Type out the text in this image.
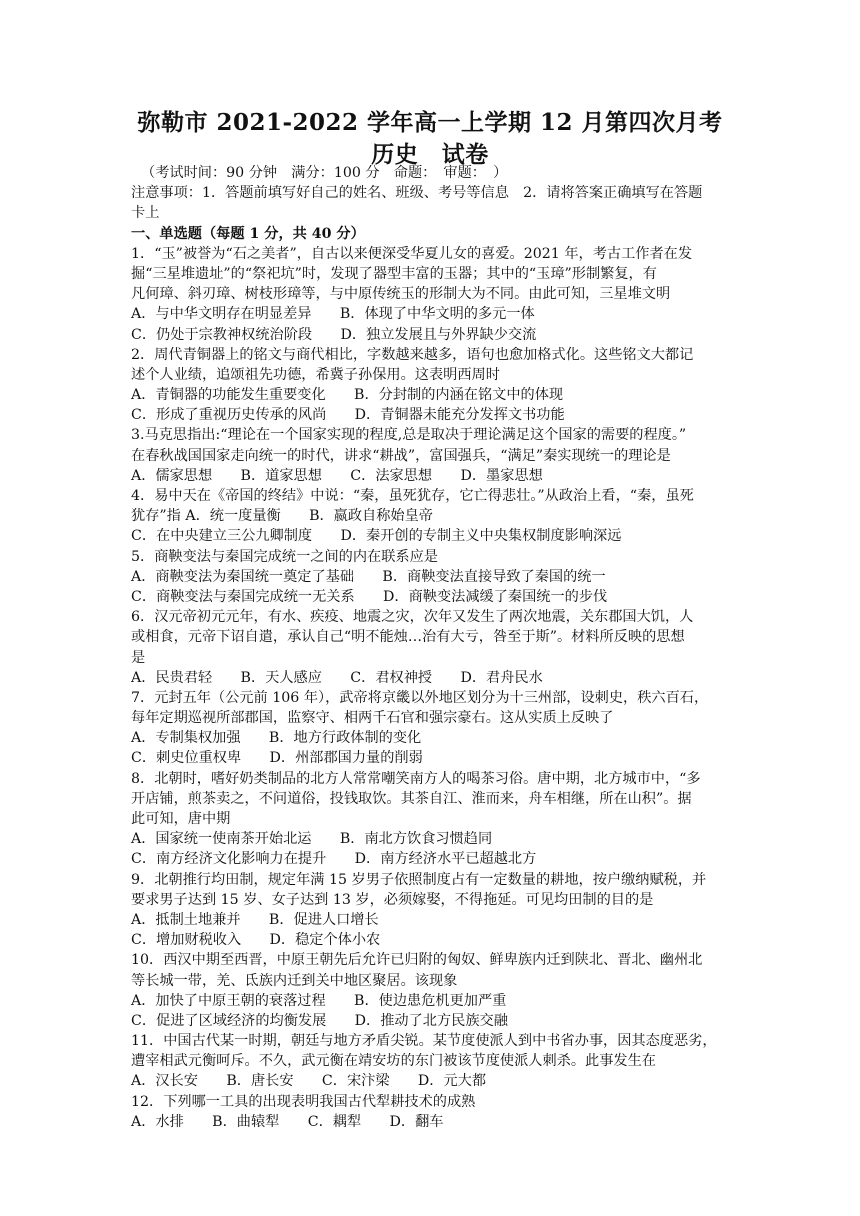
弥勒市 2021-2022 学年高一上学期 12 月第四次月考
历史　试卷
（考试时间：90 分钟　满分：100 分　命题：　审题：　）
注意事项：1．答题前填写好自己的姓名、班级、考号等信息　2．请将答案正确填写在答题
卡上
一、单选题（每题 1 分，共 40 分）
1．“玉”被誉为“石之美者”，自古以来便深受华夏儿女的喜爱。2021 年，考古工作者在发
掘“三星堆遗址”的“祭祀坑”时，发现了器型丰富的玉器；其中的“玉璋”形制繁复，有
凡何璋、斜刃璋、树枝形璋等，与中原传统玉的形制大为不同。由此可知，三星堆文明
A．与中华文明存在明显差异　　B．体现了中华文明的多元一体
C．仍处于宗教神权统治阶段　　D．独立发展且与外界缺少交流
2．周代青铜器上的铭文与商代相比，字数越来越多，语句也愈加格式化。这些铭文大都记
述个人业绩，追颂祖先功德，希冀子孙保用。这表明西周时
A．青铜器的功能发生重要变化　　B．分封制的内涵在铭文中的体现
C．形成了重视历史传承的风尚　　D．青铜器未能充分发挥文书功能
3.马克思指出:“理论在一个国家实现的程度,总是取决于理论满足这个国家的需要的程度。”
在春秋战国国家走向统一的时代，讲求“耕战”，富国强兵，“满足”秦实现统一的理论是
A．儒家思想　　B．道家思想　　C．法家思想　　D．墨家思想
4．易中天在《帝国的终结》中说：“秦，虽死犹存，它亡得悲壮。”从政治上看，“秦，虽死
犹存”指 A．统一度量衡　　B．嬴政自称始皇帝
C．在中央建立三公九卿制度　　D．秦开创的专制主义中央集权制度影响深远
5．商鞅变法与秦国完成统一之间的内在联系应是
A．商鞅变法为秦国统一奠定了基础　　B．商鞅变法直接导致了秦国的统一
C．商鞅变法与秦国完成统一无关系　　D．商鞅变法减缓了秦国统一的步伐
6．汉元帝初元元年，有水、疾疫、地震之灾，次年又发生了两次地震，关东郡国大饥，人
或相食，元帝下诏自遣，承认自己“明不能烛…治有大亏，咎至于斯”。材料所反映的思想
是
A．民贵君轻　　B．天人感应　　C．君权神授　　D．君舟民水
7．元封五年（公元前 106 年），武帝将京畿以外地区划分为十三州部，设刺史，秩六百石，
每年定期巡视所部郡国，监察守、相两千石官和强宗豪右。这从实质上反映了
A．专制集权加强　　B．地方行政体制的变化
C．刺史位重权卑　　D．州部郡国力量的削弱
8．北朝时，嗜好奶类制品的北方人常常嘲笑南方人的喝茶习俗。唐中期，北方城市中，“多
开店铺，煎茶卖之，不问道俗，投钱取饮。其茶自江、淮而来，舟车相继，所在山积”。据
此可知，唐中期
A．国家统一使南茶开始北运　　B．南北方饮食习惯趋同
C．南方经济文化影响力在提升　　D．南方经济水平已超越北方
9．北朝推行均田制，规定年满 15 岁男子依照制度占有一定数量的耕地，按户缴纳赋税，并
要求男子达到 15 岁、女子达到 13 岁，必须嫁娶，不得拖延。可见均田制的目的是
A．抵制土地兼并　　B．促进人口增长
C．增加财税收入　　D．稳定个体小农
10．西汉中期至西晋，中原王朝先后允许已归附的匈奴、鲜卑族内迁到陕北、晋北、幽州北
等长城一带，羌、氐族内迁到关中地区聚居。该现象
A．加快了中原王朝的衰落过程　　B．使边患危机更加严重
C．促进了区域经济的均衡发展　　D．推动了北方民族交融
11．中国古代某一时期，朝廷与地方矛盾尖锐。某节度使派人到中书省办事，因其态度恶劣，
遭宰相武元衡呵斥。不久，武元衡在靖安坊的东门被该节度使派人刺杀。此事发生在
A．汉长安　　B．唐长安　　C．宋汴梁　　D．元大都
12．下列哪一工具的出现表明我国古代犁耕技术的成熟
A．水排　　B．曲辕犁　　C．耦犁　　D．翻车
